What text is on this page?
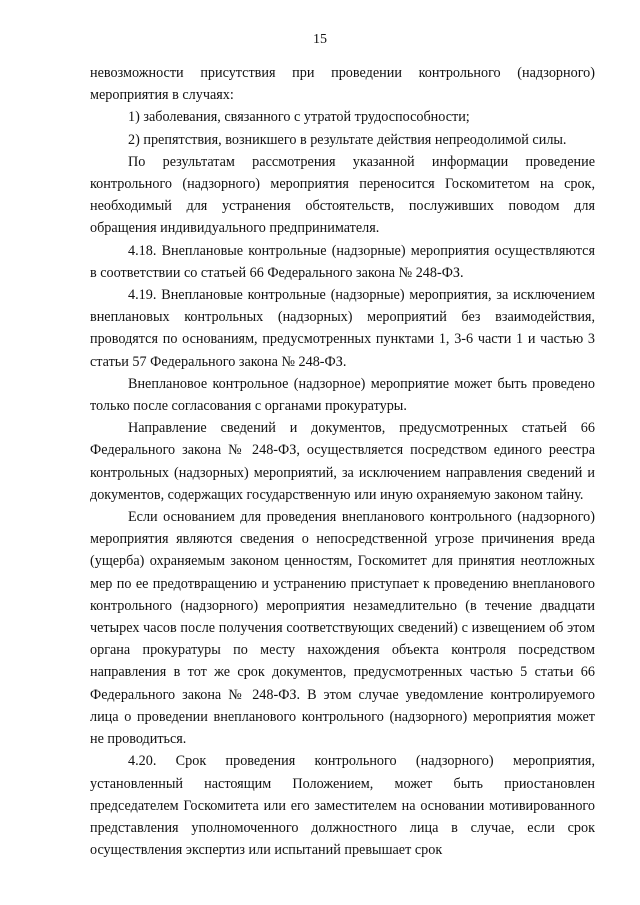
15

невозможности присутствия при проведении контрольного (надзорного) мероприятия в случаях:

1) заболевания, связанного с утратой трудоспособности;

2) препятствия, возникшего в результате действия непреодолимой силы.

По результатам рассмотрения указанной информации проведение контрольного (надзорного) мероприятия переносится Госкомитетом на срок, необходимый для устранения обстоятельств, послуживших поводом для обращения индивидуального предпринимателя.

4.18. Внеплановые контрольные (надзорные) мероприятия осуществляются в соответствии со статьей 66 Федерального закона № 248-ФЗ.

4.19. Внеплановые контрольные (надзорные) мероприятия, за исключением внеплановых контрольных (надзорных) мероприятий без взаимодействия, проводятся по основаниям, предусмотренных пунктами 1, 3-6 части 1 и частью 3 статьи 57 Федерального закона № 248-ФЗ.

Внеплановое контрольное (надзорное) мероприятие может быть проведено только после согласования с органами прокуратуры.

Направление сведений и документов, предусмотренных статьей 66 Федерального закона № 248-ФЗ, осуществляется посредством единого реестра контрольных (надзорных) мероприятий, за исключением направления сведений и документов, содержащих государственную или иную охраняемую законом тайну.

Если основанием для проведения внепланового контрольного (надзорного) мероприятия являются сведения о непосредственной угрозе причинения вреда (ущерба) охраняемым законом ценностям, Госкомитет для принятия неотложных мер по ее предотвращению и устранению приступает к проведению внепланового контрольного (надзорного) мероприятия незамедлительно (в течение двадцати четырех часов после получения соответствующих сведений) с извещением об этом органа прокуратуры по месту нахождения объекта контроля посредством направления в тот же срок документов, предусмотренных частью 5 статьи 66 Федерального закона № 248-ФЗ. В этом случае уведомление контролируемого лица о проведении внепланового контрольного (надзорного) мероприятия может не проводиться.

4.20. Срок проведения контрольного (надзорного) мероприятия, установленный настоящим Положением, может быть приостановлен председателем Госкомитета или его заместителем на основании мотивированного представления уполномоченного должностного лица в случае, если срок осуществления экспертиз или испытаний превышает срок
